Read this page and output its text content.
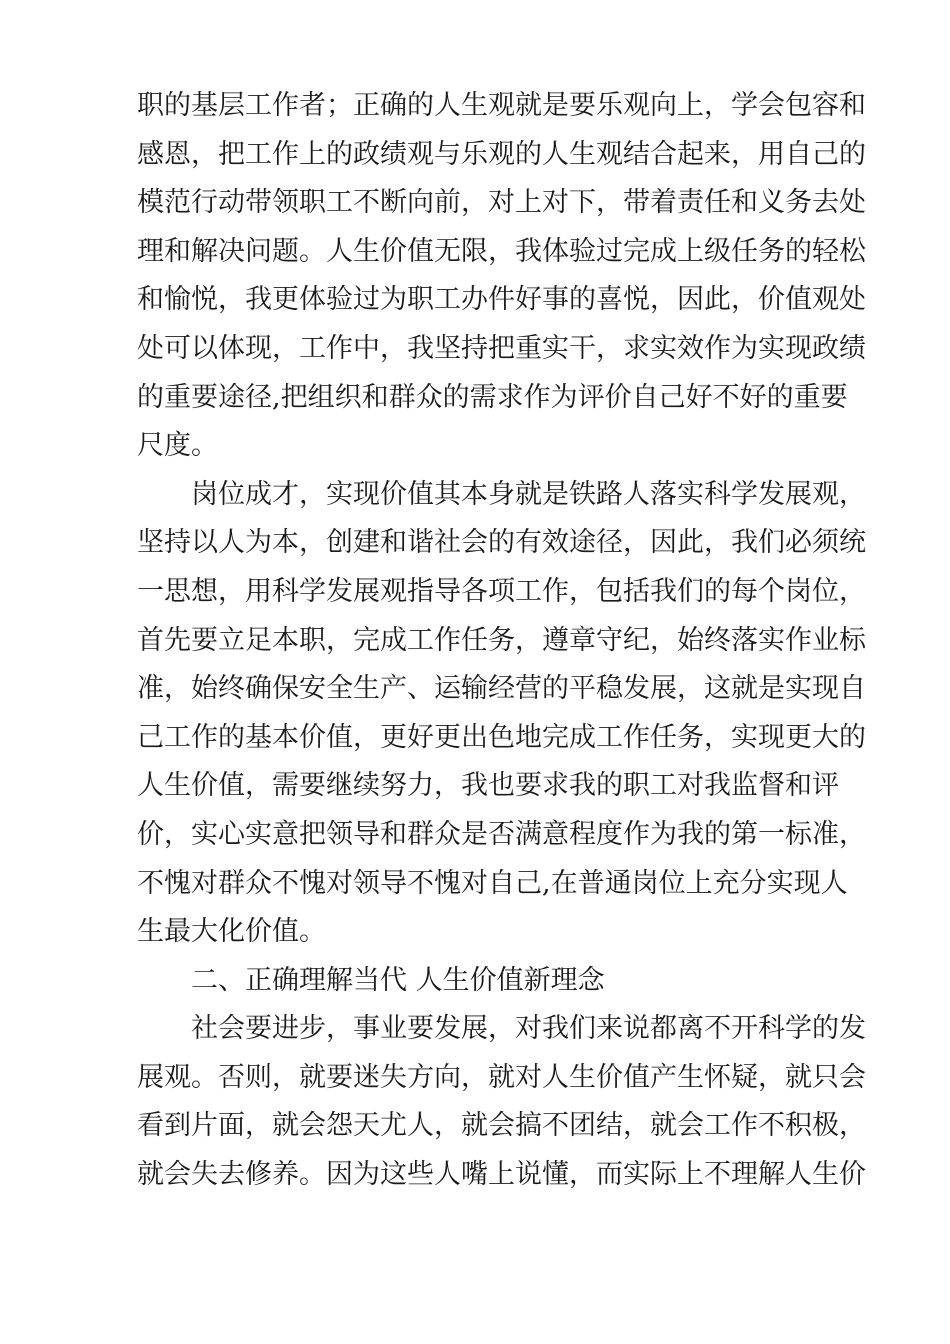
职的基层工作者；正确的人生观就是要乐观向上，学会包容和
感恩，把工作上的政绩观与乐观的人生观结合起来，用自己的
模范行动带领职工不断向前，对上对下，带着责任和义务去处
理和解决问题。人生价值无限，我体验过完成上级任务的轻松
和愉悦，我更体验过为职工办件好事的喜悦，因此，价值观处
处可以体现，工作中，我坚持把重实干，求实效作为实现政绩
的重要途径,把组织和群众的需求作为评价自己好不好的重要
尺度。
岗位成才，实现价值其本身就是铁路人落实科学发展观，
坚持以人为本，创建和谐社会的有效途径，因此，我们必须统
一思想，用科学发展观指导各项工作，包括我们的每个岗位，
首先要立足本职，完成工作任务，遵章守纪，始终落实作业标
准，始终确保安全生产、运输经营的平稳发展，这就是实现自
己工作的基本价值，更好更出色地完成工作任务，实现更大的
人生价值，需要继续努力，我也要求我的职工对我监督和评
价，实心实意把领导和群众是否满意程度作为我的第一标准，
不愧对群众不愧对领导不愧对自己,在普通岗位上充分实现人
生最大化价值。
二、正确理解当代 人生价值新理念
社会要进步，事业要发展，对我们来说都离不开科学的发
展观。否则，就要迷失方向，就对人生价值产生怀疑，就只会
看到片面，就会怨天尤人，就会搞不团结，就会工作不积极，
就会失去修养。因为这些人嘴上说懂，而实际上不理解人生价
